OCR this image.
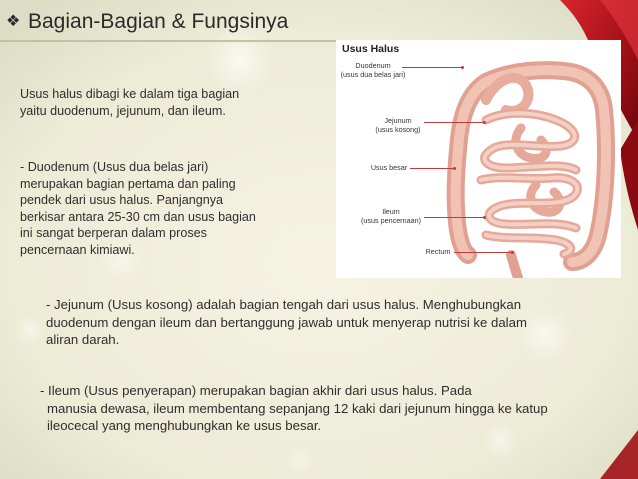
❖ Bagian-Bagian & Fungsinya
Usus halus dibagi ke dalam tiga bagian yaitu duodenum, jejunum, dan ileum.
- Duodenum (Usus dua belas jari) merupakan bagian pertama dan paling pendek dari usus halus. Panjangnya berkisar antara 25-30 cm dan usus bagian ini sangat berperan dalam proses pencernaan kimiawi.
Usus Halus
Duodenum
(usus dua belas jari)
Jejunum
(usus kosong)
Usus besar
Ileum
(usus pencernaan)
Rectum
- Jejunum (Usus kosong) adalah bagian tengah dari usus halus. Menghubungkan duodenum dengan ileum dan bertanggung jawab untuk menyerap nutrisi ke dalam aliran darah.
- Ileum (Usus penyerapan) merupakan bagian akhir dari usus halus. Pada
manusia dewasa, ileum membentang sepanjang 12 kaki dari jejunum hingga ke katup ileocecal yang menghubungkan ke usus besar.
